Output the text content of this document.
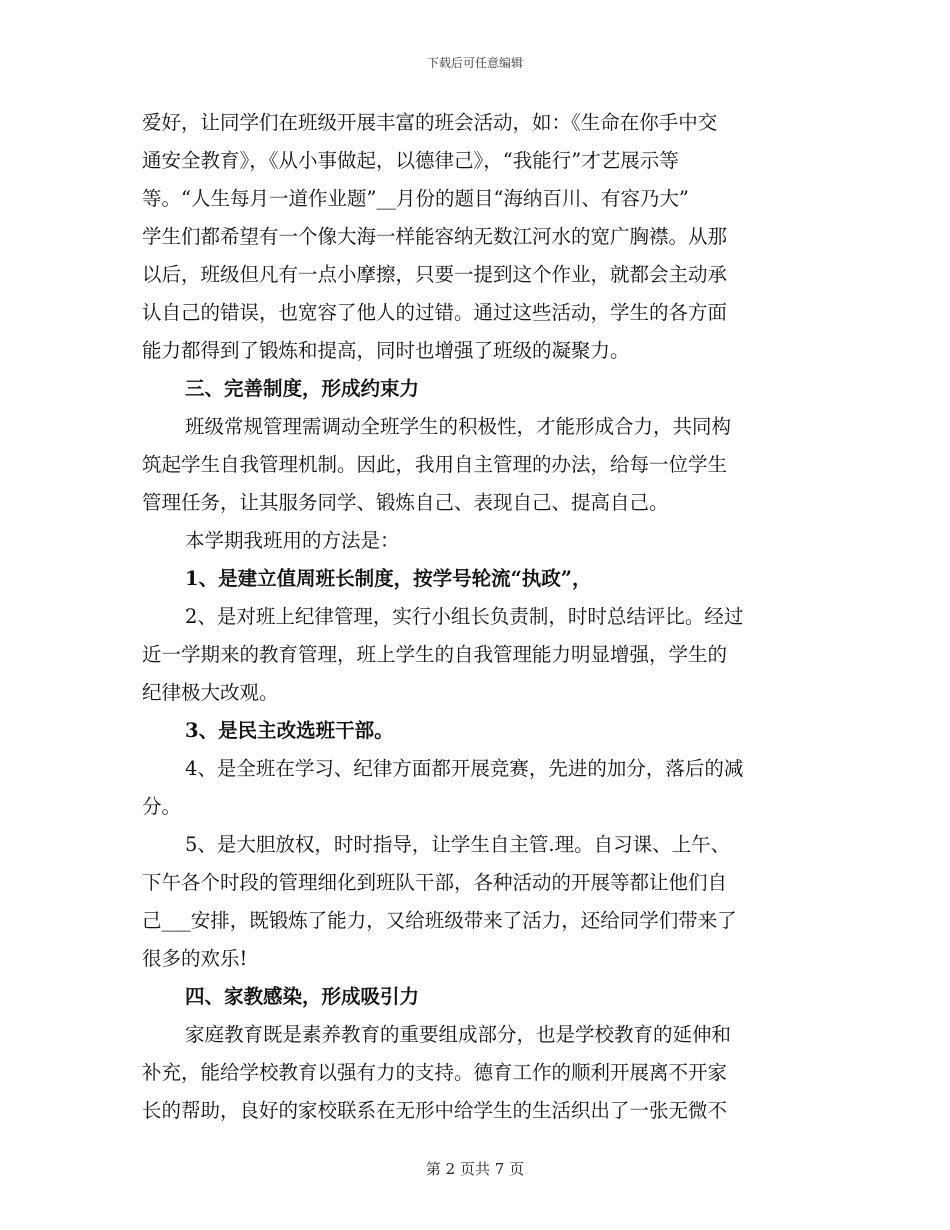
下载后可任意编辑
爱好，让同学们在班级开展丰富的班会活动，如：《生命在你手中交
通安全教育》，《从小事做起，以德律己》，“我能行”才艺展示等
等。“人生每月一道作业题”__月份的题目“海纳百川、有容乃大”
学生们都希望有一个像大海一样能容纳无数江河水的宽广胸襟。从那
以后，班级但凡有一点小摩擦，只要一提到这个作业，就都会主动承
认自己的错误，也宽容了他人的过错。通过这些活动，学生的各方面
能力都得到了锻炼和提高，同时也增强了班级的凝聚力。
三、完善制度，形成约束力
班级常规管理需调动全班学生的积极性，才能形成合力，共同构
筑起学生自我管理机制。因此，我用自主管理的办法，给每一位学生
管理任务，让其服务同学、锻炼自己、表现自己、提高自己。
本学期我班用的方法是：
1、是建立值周班长制度，按学号轮流“执政”，
2、是对班上纪律管理，实行小组长负责制，时时总结评比。经过
近一学期来的教育管理，班上学生的自我管理能力明显增强，学生的
纪律极大改观。
3、是民主改选班干部。
4、是全班在学习、纪律方面都开展竞赛，先进的加分，落后的减
分。
5、是大胆放权，时时指导，让学生自主管.理。自习课、上午、
下午各个时段的管理细化到班队干部，各种活动的开展等都让他们自
己___安排，既锻炼了能力，又给班级带来了活力，还给同学们带来了
很多的欢乐!
四、家教感染，形成吸引力
家庭教育既是素养教育的重要组成部分，也是学校教育的延伸和
补充，能给学校教育以强有力的支持。德育工作的顺利开展离不开家
长的帮助，良好的家校联系在无形中给学生的生活织出了一张无微不
第 2 页共 7 页
